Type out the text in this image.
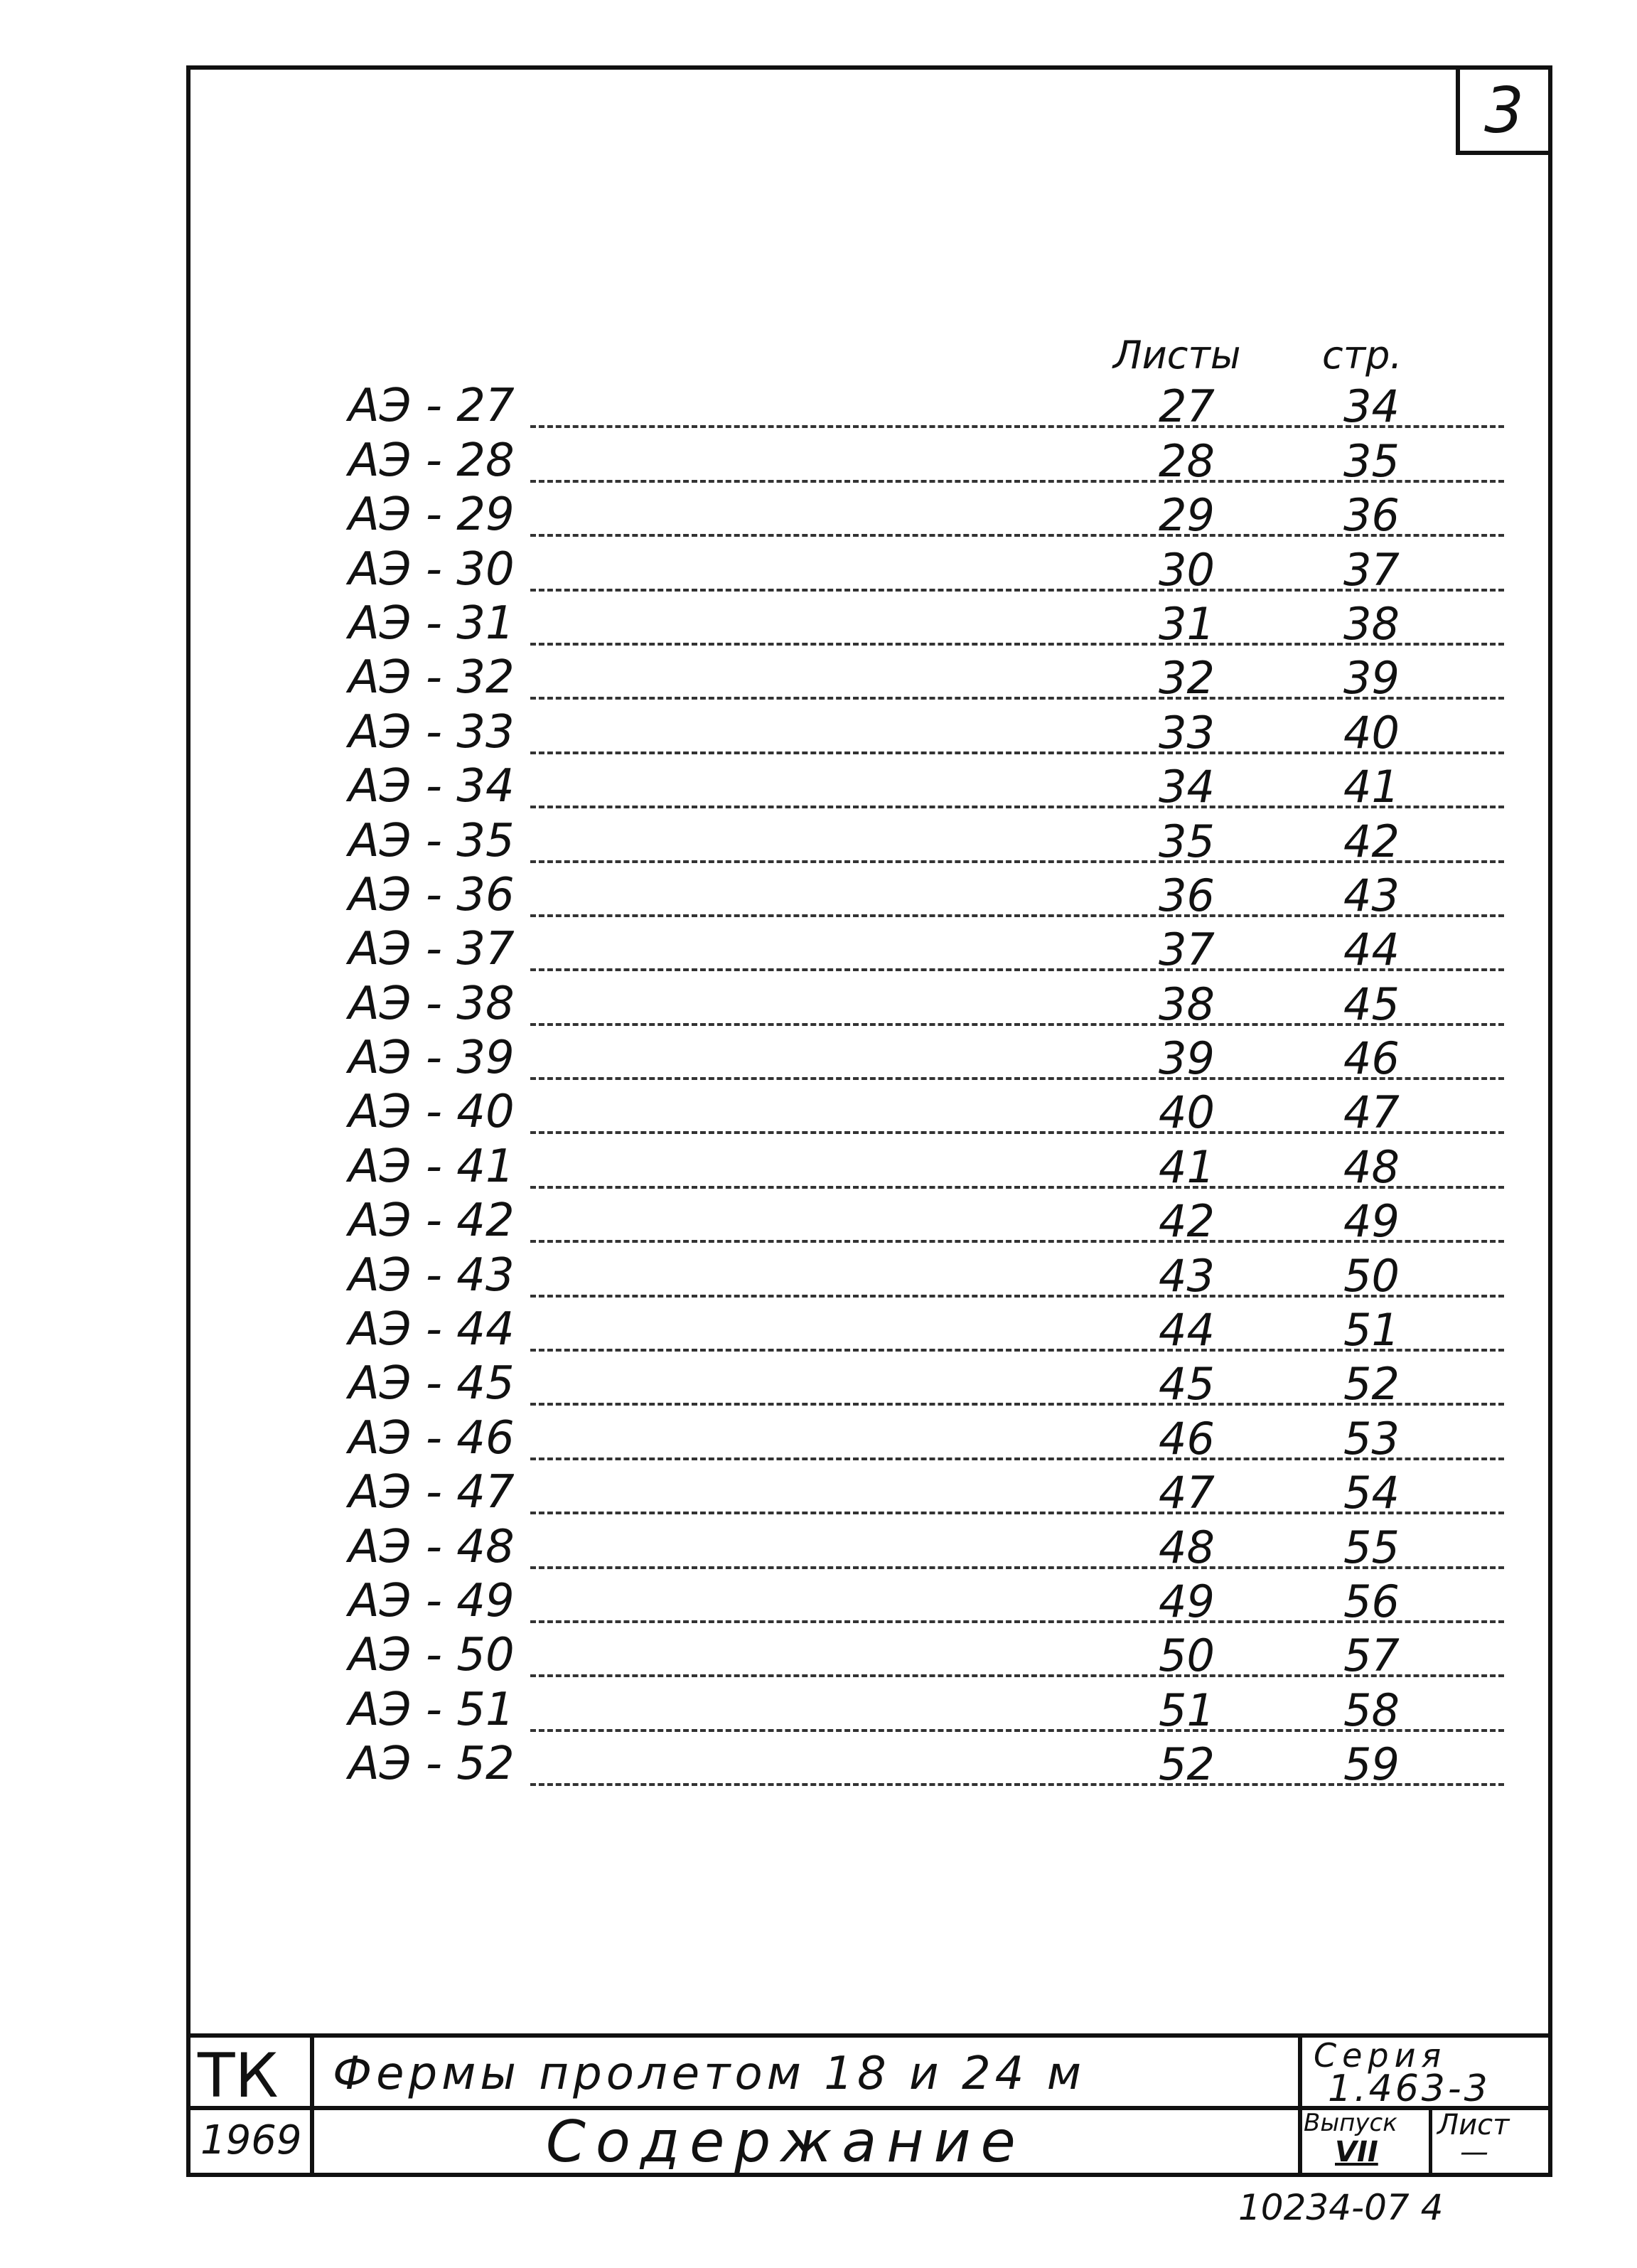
3
Листы стр.
АЭ - 27	27	34
АЭ - 28	28	35
АЭ - 29	29	36
АЭ - 30	30	37
АЭ - 31	31	38
АЭ - 32	32	39
АЭ - 33	33	40
АЭ - 34	34	41
АЭ - 35	35	42
АЭ - 36	36	43
АЭ - 37	37	44
АЭ - 38	38	45
АЭ - 39	39	46
АЭ - 40	40	47
АЭ - 41	41	48
АЭ - 42	42	49
АЭ - 43	43	50
АЭ - 44	44	51
АЭ - 45	45	52
АЭ - 46	46	53
АЭ - 47	47	54
АЭ - 48	48	55
АЭ - 49	49	56
АЭ - 50	50	57
АЭ - 51	51	58
АЭ - 52	52	59
ТК
1969
Фермы пролетом 18 и 24 м
Содержание
Серия
1.463-3
Выпуск
VII
Лист
—
10234-07 4
